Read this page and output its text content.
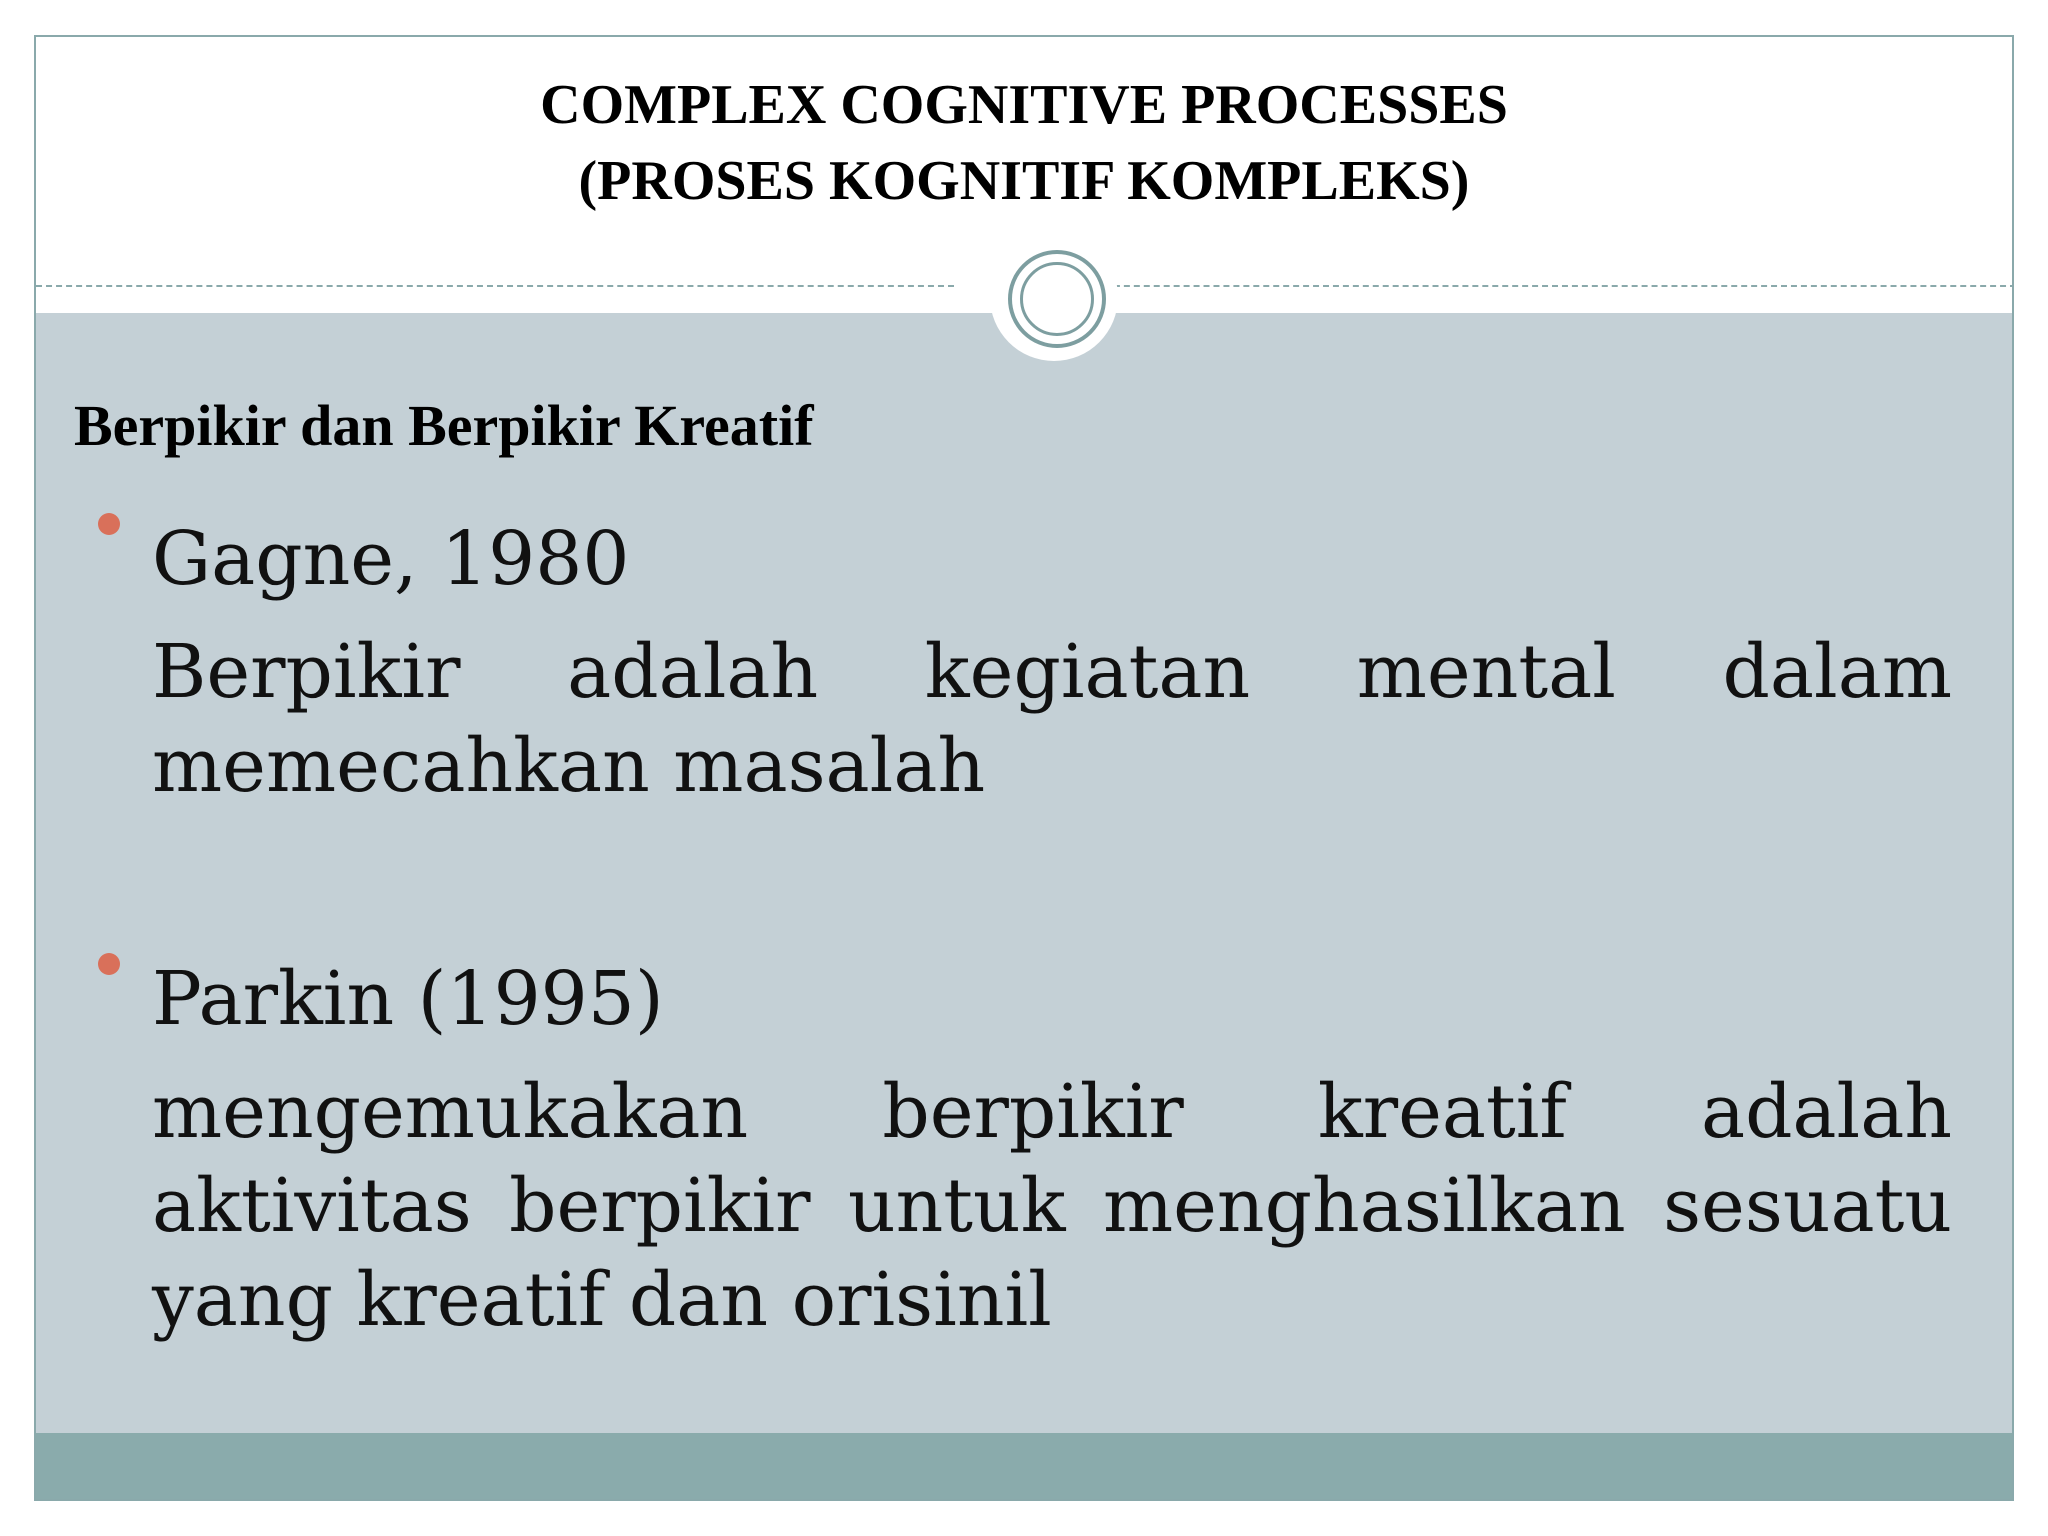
COMPLEX COGNITIVE PROCESSES
(PROSES KOGNITIF KOMPLEKS)
Berpikir dan Berpikir Kreatif
Gagne, 1980
Berpikir adalah kegiatan mental dalam memecahkan masalah
Parkin (1995)
mengemukakan berpikir kreatif adalah aktivitas berpikir untuk menghasilkan sesuatu yang kreatif dan orisinil
